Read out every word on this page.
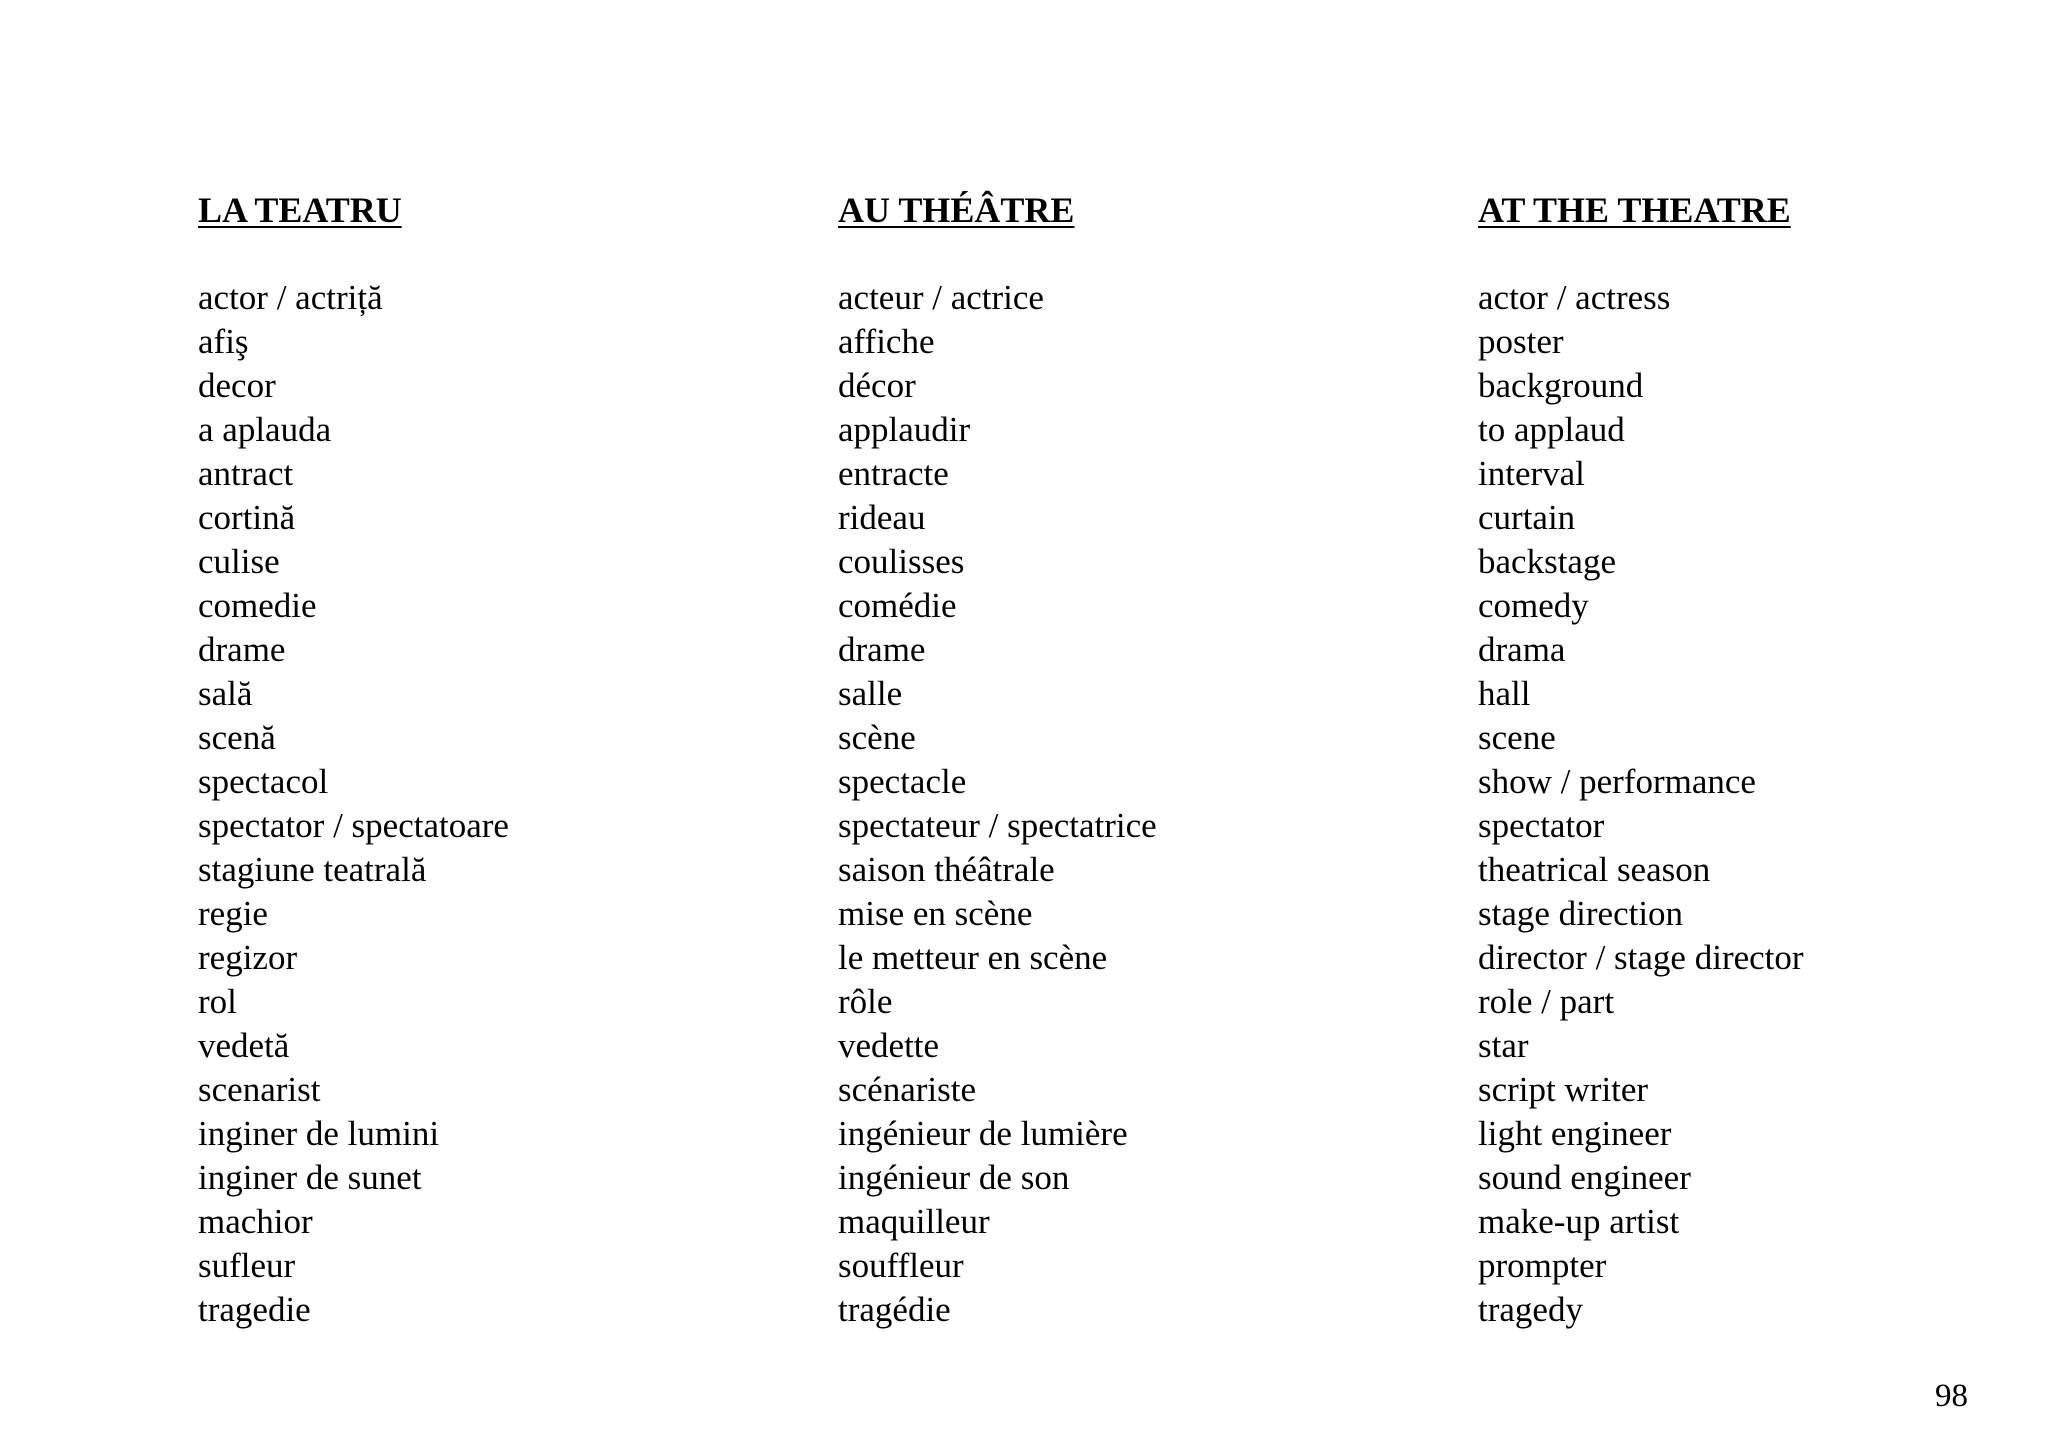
LA TEATRU
actor / actriță
afiş
decor
a aplauda
antract
cortină
culise
comedie
drame
sală
scenă
spectacol
spectator / spectatoare
stagiune teatrală
regie
regizor
rol
vedetă
scenarist
inginer de lumini
inginer de sunet
machior
sufleur
tragedie
AU THÉÂTRE
acteur / actrice
affiche
décor
applaudir
entracte
rideau
coulisses
comédie
drame
salle
scène
spectacle
spectateur / spectatrice
saison théâtrale
mise en scène
le metteur en scène
rôle
vedette
scénariste
ingénieur de lumière
ingénieur de son
maquilleur
souffleur
tragédie
AT THE THEATRE
actor / actress
poster
background
to applaud
interval
curtain
backstage
comedy
drama
hall
scene
show / performance
spectator
theatrical season
stage direction
director / stage director
role / part
star
script writer
light engineer
sound engineer
make-up artist
prompter
tragedy
98
